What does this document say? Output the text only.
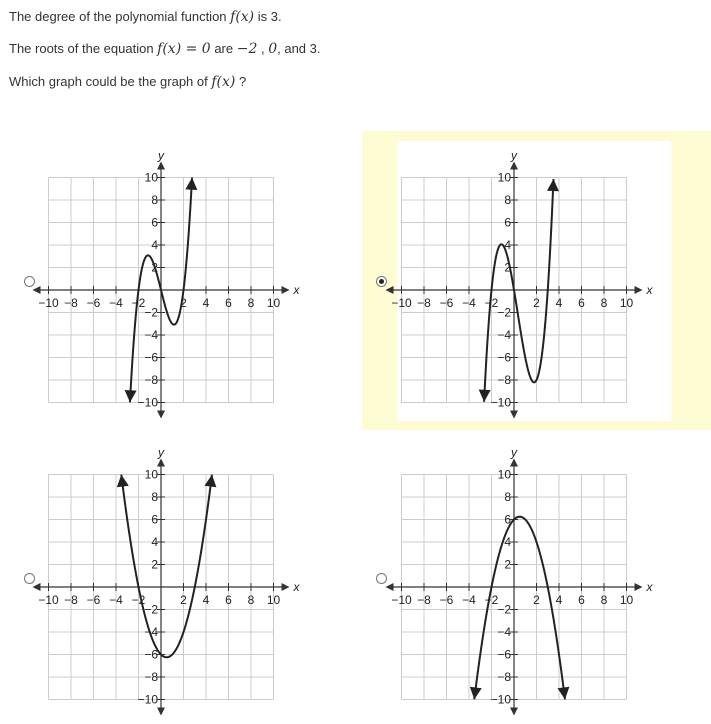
The degree of the polynomial function f(x) is 3.
The roots of the equation f(x) = 0 are −2 , 0, and 3.
Which graph could be the graph of f(x) ?
−10
−10
−8
−8
−6
−6
−4
−4
−2
−2
2
2
4
4
6
6
8
8
10
10
x
y
−10
−10
−8
−8
−6
−6
−4
−4
−2
−2
2
2
4
4
6
6
8
8
10
10
x
y
−10
−10
−8
−8
−6
−6
−4
−4
−2
−2
2
2
4
4
6
6
8
8
10
10
x
y
−10
−10
−8
−8
−6
−6
−4
−4
−2
−2
2
2
4
4
6
6
8
8
10
10
x
y
